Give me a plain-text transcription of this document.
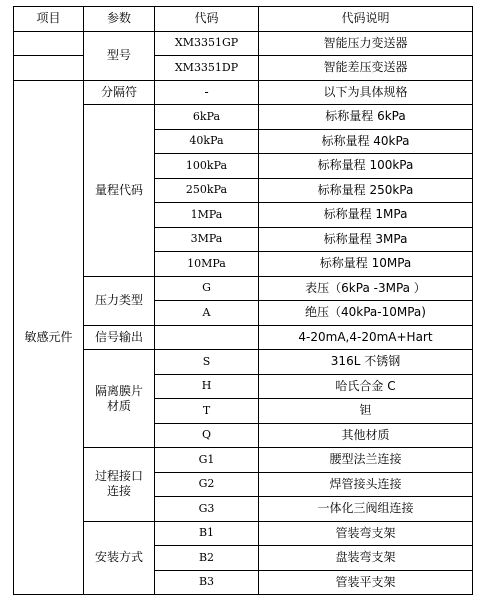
项目	参数	代码	代码说明
	型号	XM3351GP	智能压力变送器
		XM3351DP	智能差压变送器
敏感元件	分隔符	-	以下为具体规格
	量程代码	6kPa	标称量程 6kPa
		40kPa	标称量程 40kPa
		100kPa	标称量程 100kPa
		250kPa	标称量程 250kPa
		1MPa	标称量程 1MPa
		3MPa	标称量程 3MPa
		10MPa	标称量程 10MPa
	压力类型	G	表压（6kPa -3MPa ）
		A	绝压（40kPa-10MPa)
	信号输出		4-20mA,4-20mA+Hart
	隔离膜片材质	S	316L 不锈钢
		H	哈氏合金 C
		T	钽
		Q	其他材质
	过程接口连接	G1	腰型法兰连接
		G2	焊管接头连接
		G3	一体化三阀组连接
	安装方式	B1	管装弯支架
		B2	盘装弯支架
		B3	管装平支架
